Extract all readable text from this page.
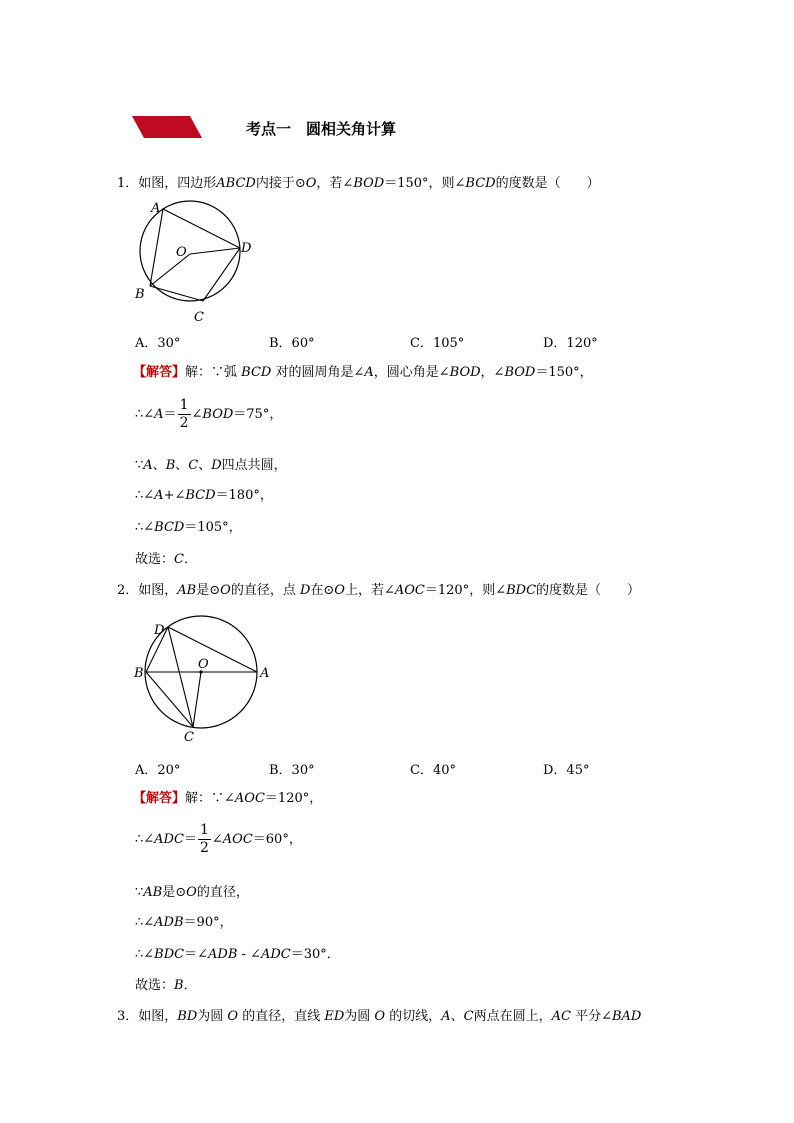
考点一　圆相关角计算
1．如图，四边形ABCD内接于⊙O，若∠BOD＝150°，则∠BCD的度数是（　　）
A
O	D
B
C
A．30°	B．60°	C．105°	D．120°
【解答】解：∵弧 BCD 对的圆周角是∠A，圆心角是∠BOD，∠BOD＝150°，
∴∠A＝ $\frac{1}{2}$ ∠BOD＝75°，
∵A、B、C、D四点共圆，
∴∠A+∠BCD＝180°，
∴∠BCD＝105°，
故选：C．
2．如图，AB是⊙O的直径，点 D在⊙O上，若∠AOC＝120°，则∠BDC的度数是（　　）
D
O
B	A
C
A．20°	B．30°	C．40°	D．45°
【解答】解：∵∠AOC＝120°，
∴∠ADC＝ $\frac{1}{2}$ ∠AOC＝60°，
∵AB是⊙O的直径，
∴∠ADB＝90°，
∴∠BDC＝∠ADB - ∠ADC＝30°．
故选：B．
3．如图，BD为圆 O 的直径，直线 ED为圆 O 的切线，A、C两点在圆上，AC 平分∠BAD
